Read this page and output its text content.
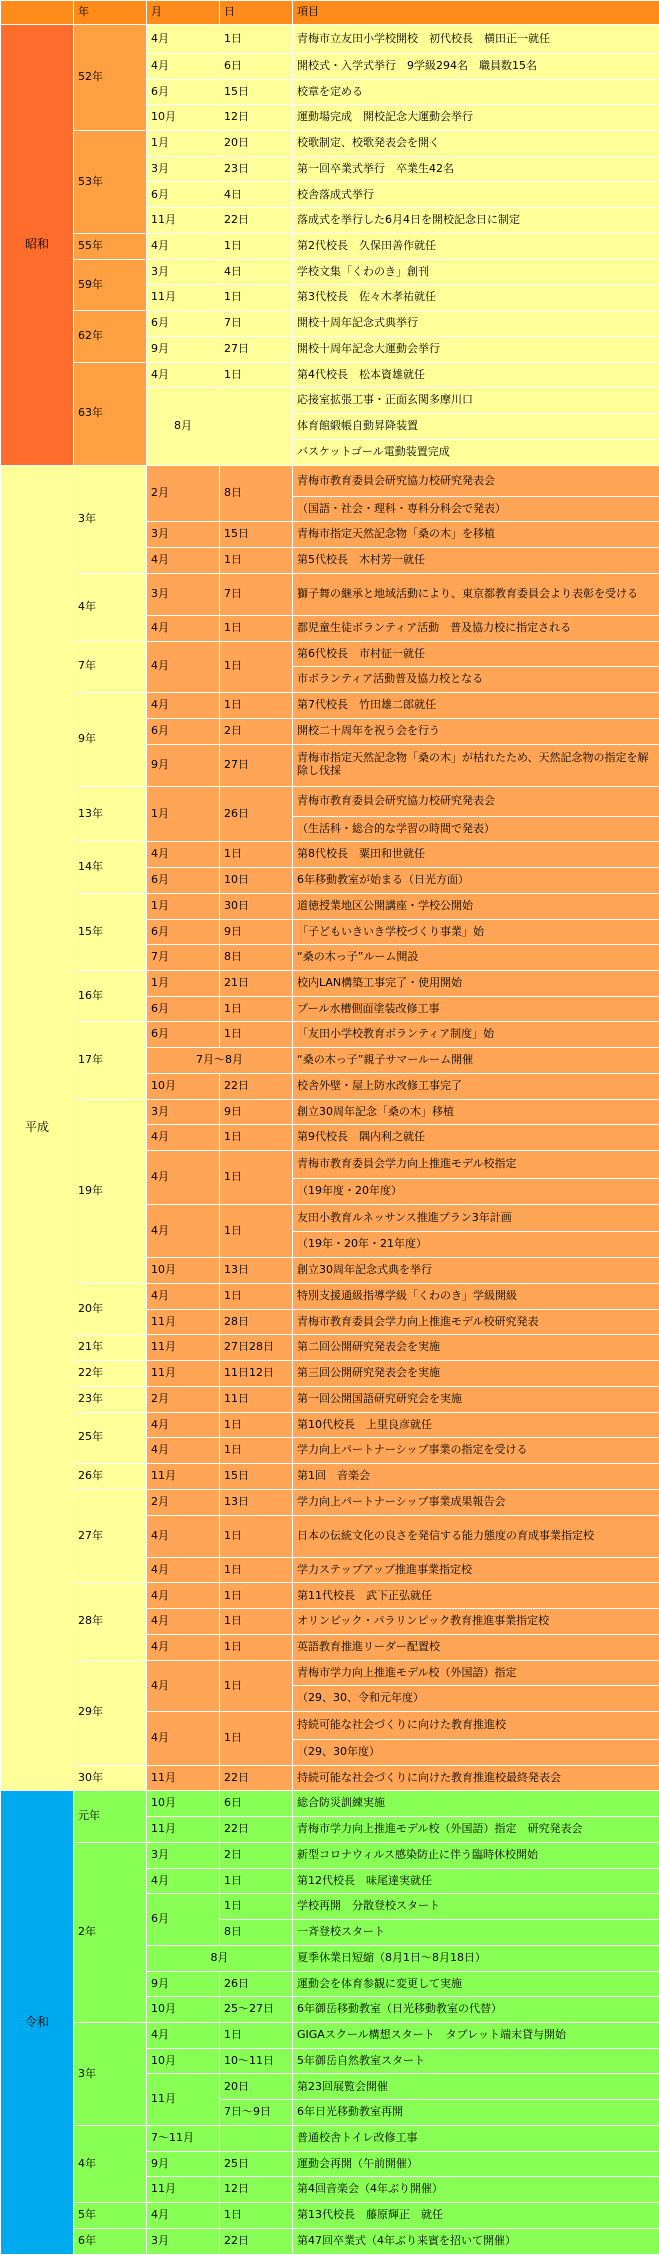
	年	月	日	項目
昭和	52年	4月	1日	青梅市立友田小学校開校　初代校長　横田正一就任
		4月	6日	開校式・入学式挙行　9学級294名　職員数15名
		6月	15日	校章を定める
		10月	12日	運動場完成　開校記念大運動会挙行
	53年	1月	20日	校歌制定、校歌発表会を開く
		3月	23日	第一回卒業式挙行　卒業生42名
		6月	4日	校舎落成式挙行
		11月	22日	落成式を挙行した6月4日を開校記念日に制定
	55年	4月	1日	第2代校長　久保田善作就任
	59年	3月	4日	学校文集「くわのき」創刊
		11月	1日	第3代校長　佐々木孝祐就任
	62年	6月	7日	開校十周年記念式典挙行
		9月	27日	開校十周年記念大運動会挙行
	63年	4月	1日	第4代校長　松本資雄就任
		8月		応接室拡張工事・正面玄関多摩川口
				体育館緞帳自動昇降装置
				バスケットゴール電動装置完成
平成	3年	2月	8日	青梅市教育委員会研究協力校研究発表会
				（国語・社会・理科・専科分科会で発表）
		3月	15日	青梅市指定天然記念物「桑の木」を移植
		4月	1日	第5代校長　木村芳一就任
	4年	3月	7日	獅子舞の継承と地域活動により、東京都教育委員会より表彰を受ける
		4月	1日	都児童生徒ボランティア活動　普及協力校に指定される
	7年	4月	1日	第6代校長　市村征一就任
				市ボランティア活動普及協力校となる
	9年	4月	1日	第7代校長　竹田雄二郎就任
		6月	2日	開校二十周年を祝う会を行う
		9月	27日	青梅市指定天然記念物「桑の木」が枯れたため、天然記念物の指定を解除し伐採
	13年	1月	26日	青梅市教育委員会研究協力校研究発表会
				（生活科・総合的な学習の時間で発表）
	14年	4月	1日	第8代校長　粟田和世就任
		6月	10日	6年移動教室が始まる（日光方面）
	15年	1月	30日	道徳授業地区公開講座・学校公開始
		6月	9日	「子どもいきいき学校づくり事業」始
		7月	8日	“桑の木っ子”ルーム開設
	16年	1月	21日	校内LAN構築工事完了・使用開始
		6月	1日	プール水槽側面塗装改修工事
	17年	6月	1日	「友田小学校教育ボランティア制度」始
		7月～8月		“桑の木っ子”親子サマールーム開催
		10月	22日	校舎外壁・屋上防水改修工事完了
	19年	3月	9日	創立30周年記念「桑の木」移植
		4月	1日	第9代校長　隅内利之就任
		4月	1日	青梅市教育委員会学力向上推進モデル校指定
				（19年度・20年度）
		4月	1日	友田小教育ルネッサンス推進プラン3年計画
				（19年・20年・21年度）
		10月	13日	創立30周年記念式典を挙行
	20年	4月	1日	特別支援通級指導学級「くわのき」学級開級
		11月	28日	青梅市教育委員会学力向上推進モデル校研究発表
	21年	11月	27日28日	第二回公開研究発表会を実施
	22年	11月	11日12日	第三回公開研究発表会を実施
	23年	2月	11日	第一回公開国語研究研究会を実施
	25年	4月	1日	第10代校長　上里良彦就任
		4月	1日	学力向上パートナーシップ事業の指定を受ける
	26年	11月	15日	第1回　音楽会
	27年	2月	13日	学力向上パートナーシップ事業成果報告会
		4月	1日	日本の伝統文化の良さを発信する能力態度の育成事業指定校
		4月	1日	学力ステップアップ推進事業指定校
	28年	4月	1日	第11代校長　武下正弘就任
		4月	1日	オリンピック・パラリンピック教育推進事業指定校
		4月	1日	英語教育推進リーダー配置校
	29年	4月	1日	青梅市学力向上推進モデル校（外国語）指定
				（29、30、令和元年度）
		4月	1日	持続可能な社会づくりに向けた教育推進校
				（29、30年度）
	30年	11月	22日	持続可能な社会づくりに向けた教育推進校最終発表会
令和	元年	10月	6日	総合防災訓練実施
		11月	22日	青梅市学力向上推進モデル校（外国語）指定　研究発表会
	2年	3月	2日	新型コロナウィルス感染防止に伴う臨時休校開始
		4月	1日	第12代校長　味尾達実就任
		6月	1日	学校再開　分散登校スタート
			8日	一斉登校スタート
		8月		夏季休業日短縮（8月1日～8月18日）
		9月	26日	運動会を体育参観に変更して実施
		10月	25～27日	6年御岳移動教室（日光移動教室の代替）
	3年	4月	1日	GIGAスクール構想スタート　タブレット端末貸与開始
		10月	10～11日	5年御岳自然教室スタート
		11月	20日	第23回展覧会開催
			7日～9日	6年日光移動教室再開
	4年	7～11月		普通校舎トイレ改修工事
		9月	25日	運動会再開（午前開催）
		11月	12日	第4回音楽会（4年ぶり開催）
	5年	4月	1日	第13代校長　藤原輝正　就任
	6年	3月	22日	第47回卒業式（4年ぶり来賓を招いて開催）
